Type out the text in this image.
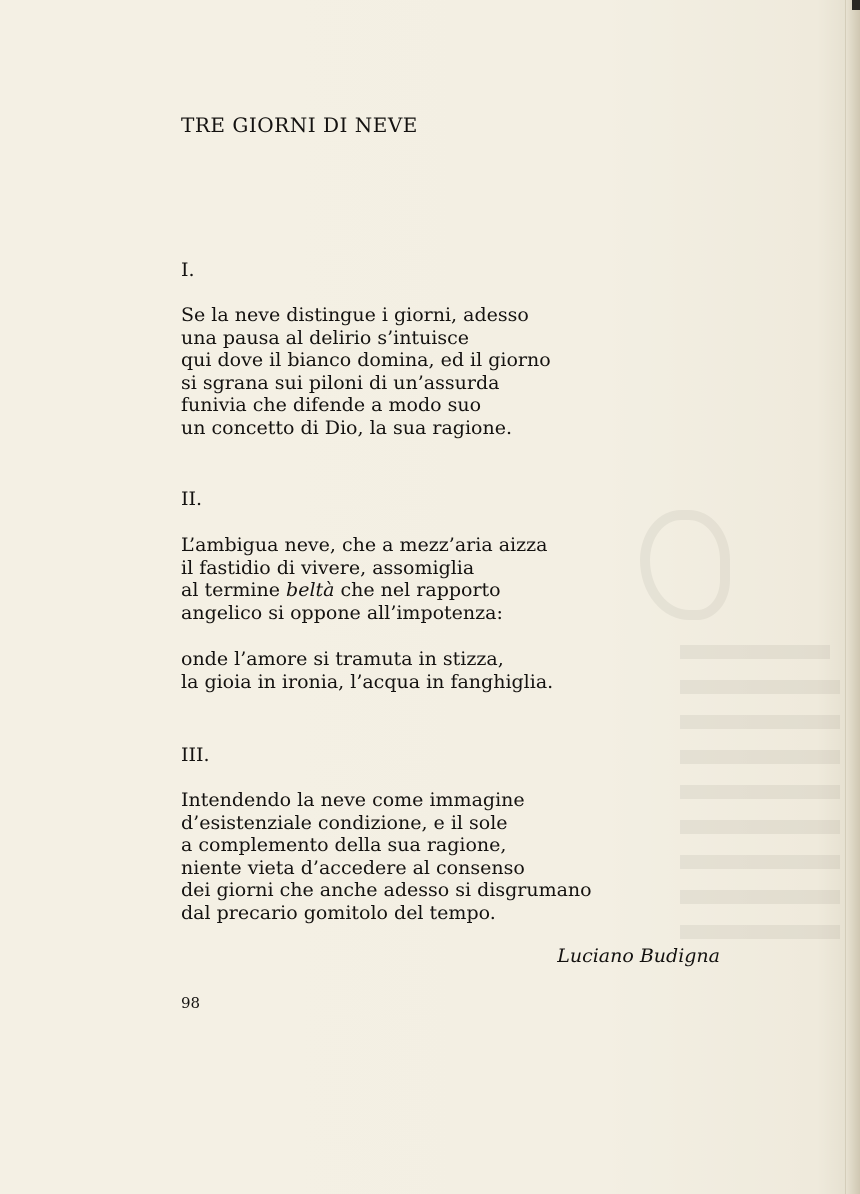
TRE GIORNI DI NEVE

I.

Se la neve distingue i giorni, adesso
una pausa al delirio s’intuisce
qui dove il bianco domina, ed il giorno
si sgrana sui piloni di un’assurda
funivia che difende a modo suo
un concetto di Dio, la sua ragione.

II.

L’ambigua neve, che a mezz’aria aizza
il fastidio di vivere, assomiglia
al termine beltà che nel rapporto
angelico si oppone all’impotenza:

onde l’amore si tramuta in stizza,
la gioia in ironia, l’acqua in fanghiglia.

III.

Intendendo la neve come immagine
d’esistenziale condizione, e il sole
a complemento della sua ragione,
niente vieta d’accedere al consenso
dei giorni che anche adesso si disgrumano
dal precario gomitolo del tempo.

Luciano Budigna

98
